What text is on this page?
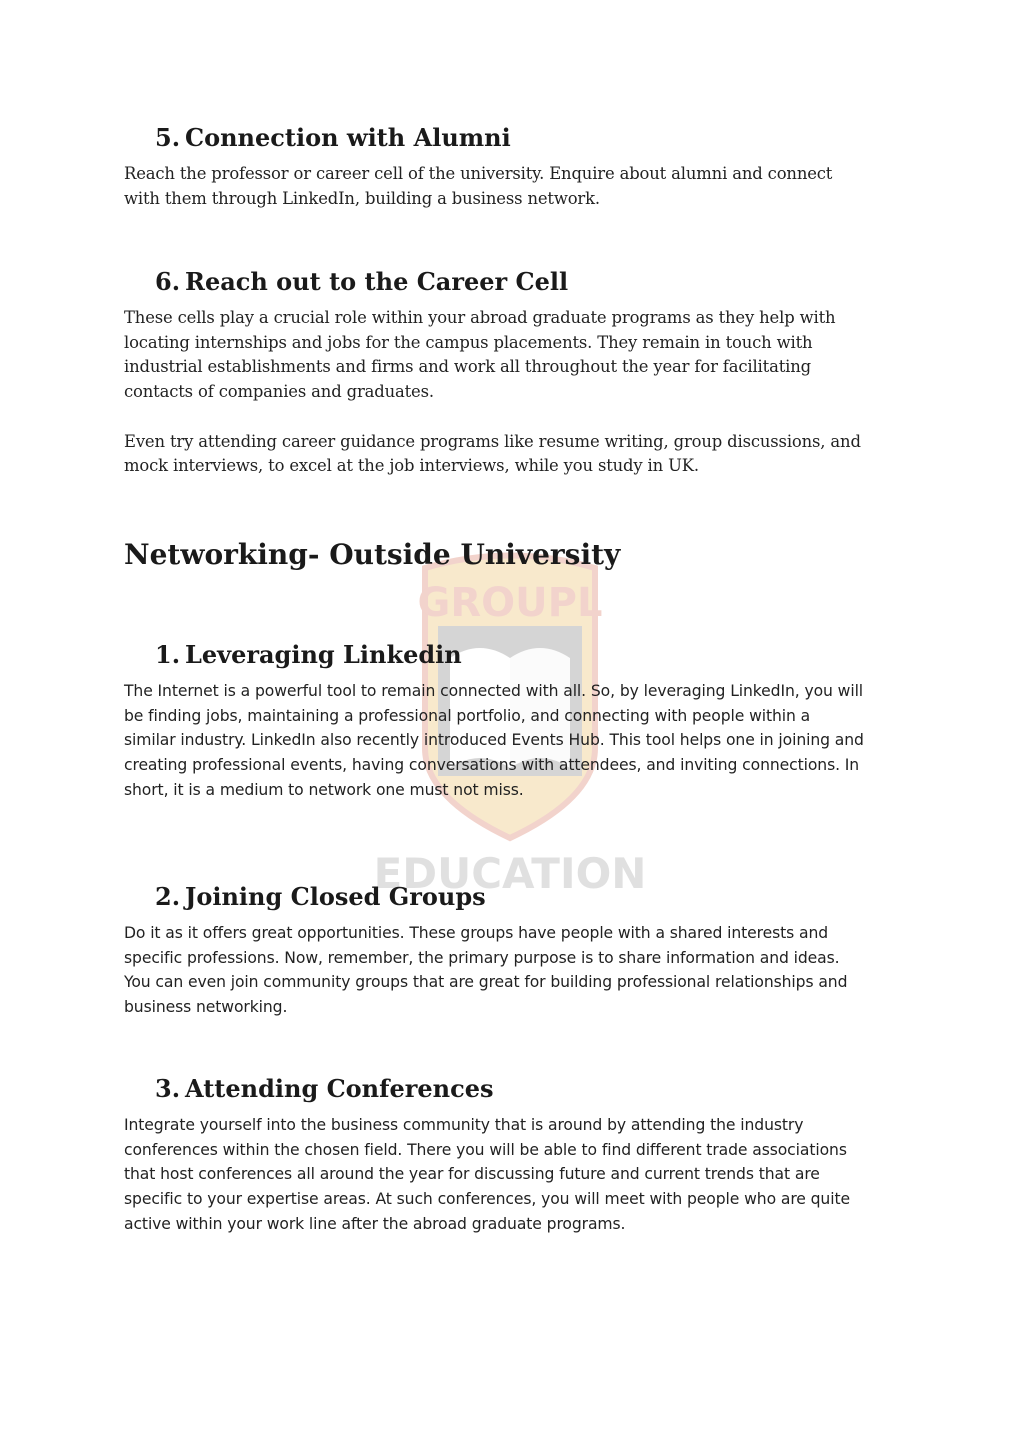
GROUPL
EDUCATION
5. Connection with Alumni

Reach the professor or career cell of the university. Enquire about alumni and connect with them through LinkedIn, building a business network.

6. Reach out to the Career Cell

These cells play a crucial role within your abroad graduate programs as they help with locating internships and jobs for the campus placements. They remain in touch with industrial establishments and firms and work all throughout the year for facilitating contacts of companies and graduates.

Even try attending career guidance programs like resume writing, group discussions, and mock interviews, to excel at the job interviews, while you study in UK.

Networking- Outside University
1. Leveraging Linkedin

The Internet is a powerful tool to remain connected with all. So, by leveraging LinkedIn, you will be finding jobs, maintaining a professional portfolio, and connecting with people within a similar industry. LinkedIn also recently introduced Events Hub. This tool helps one in joining and creating professional events, having conversations with attendees, and inviting connections. In short, it is a medium to network one must not miss.

2. Joining Closed Groups

Do it as it offers great opportunities. These groups have people with a shared interests and specific professions. Now, remember, the primary purpose is to share information and ideas. You can even join community groups that are great for building professional relationships and business networking.

3. Attending Conferences

Integrate yourself into the business community that is around by attending the industry conferences within the chosen field. There you will be able to find different trade associations that host conferences all around the year for discussing future and current trends that are specific to your expertise areas. At such conferences, you will meet with people who are quite active within your work line after the abroad graduate programs.
